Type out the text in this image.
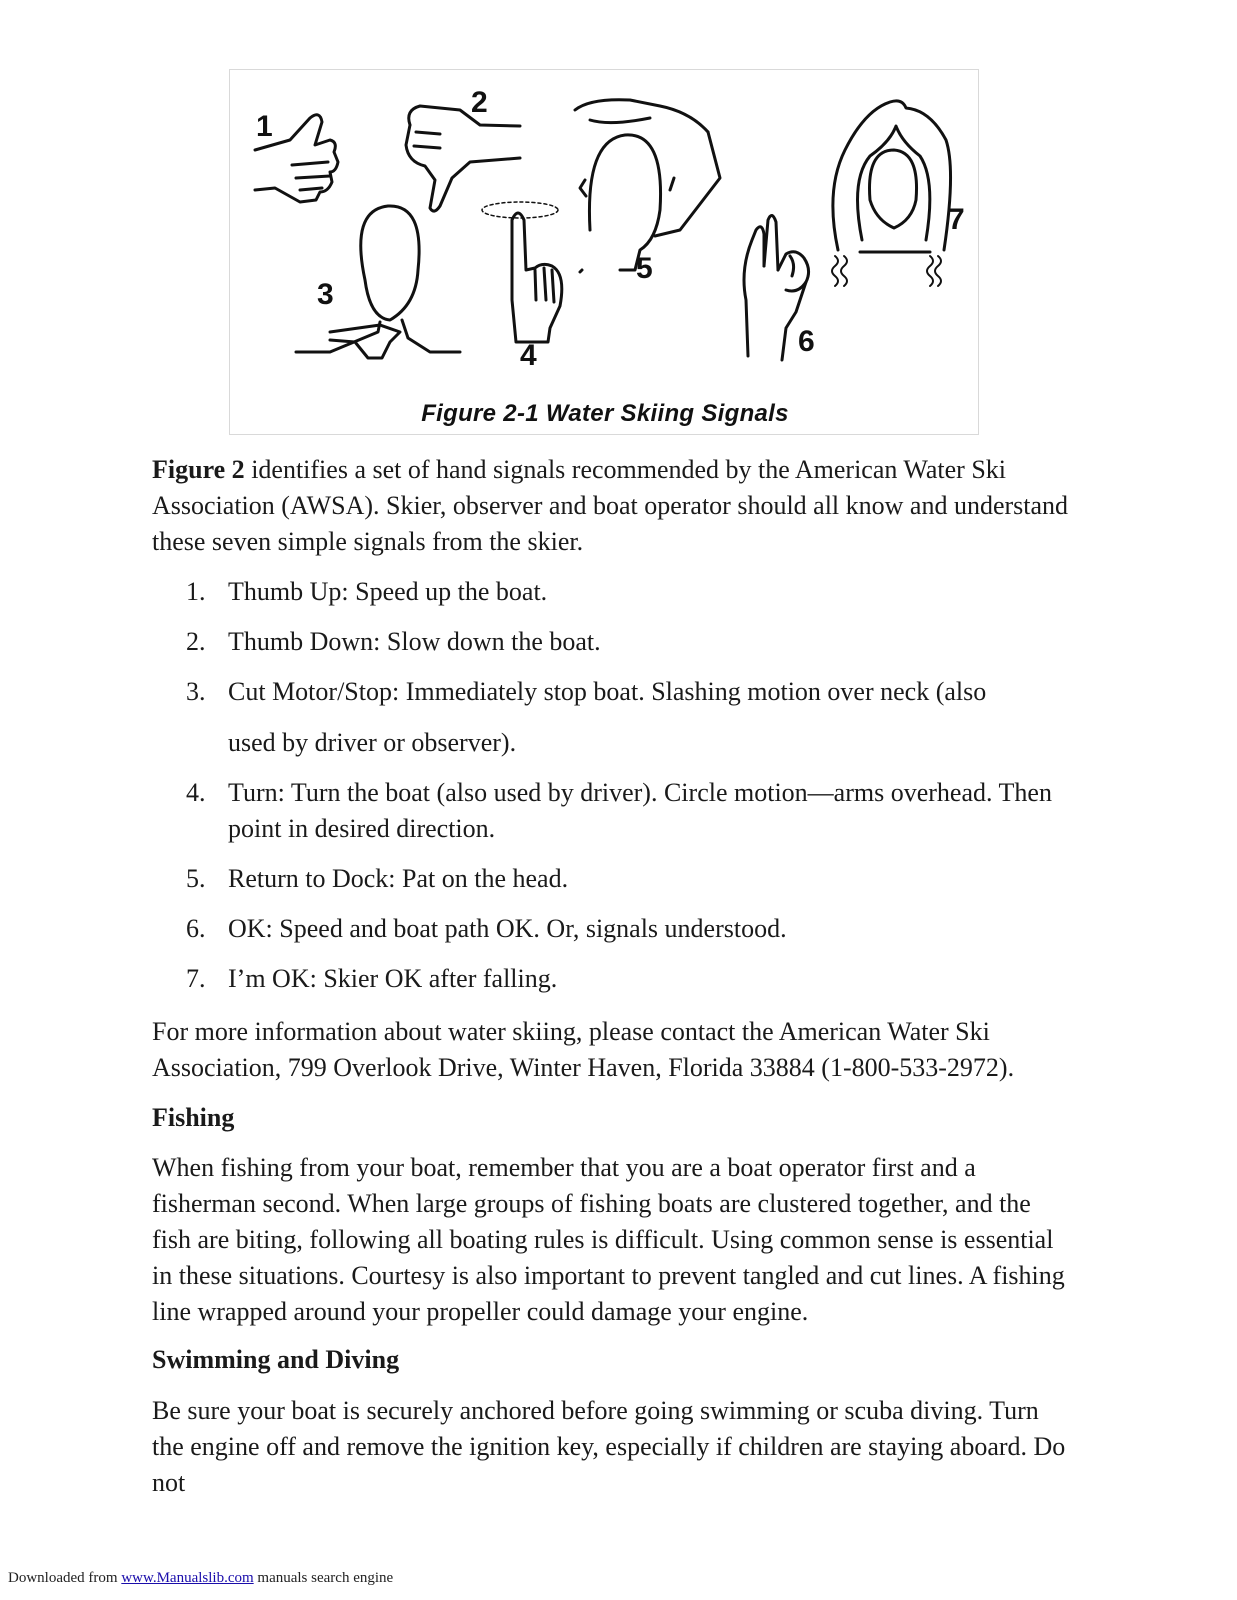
1
2
3
4
5
6
7
Figure 2-1 Water Skiing Signals

Figure 2 identifies a set of hand signals recommended by the American Water Ski Association (AWSA). Skier, observer and boat operator should all know and understand these seven simple signals from the skier.

1. Thumb Up: Speed up the boat.
2. Thumb Down: Slow down the boat.
3. Cut Motor/Stop: Immediately stop boat. Slashing motion over neck (also
used by driver or observer).
4. Turn: Turn the boat (also used by driver). Circle motion—arms overhead. Then point in desired direction.
5. Return to Dock: Pat on the head.
6. OK: Speed and boat path OK. Or, signals understood.
7. I’m OK: Skier OK after falling.

For more information about water skiing, please contact the American Water Ski Association, 799 Overlook Drive, Winter Haven, Florida 33884 (1-800-533-2972).

Fishing

When fishing from your boat, remember that you are a boat operator first and a fisherman second. When large groups of fishing boats are clustered together, and the fish are biting, following all boating rules is difficult. Using common sense is essential in these situations. Courtesy is also important to prevent tangled and cut lines. A fishing line wrapped around your propeller could damage your engine.

Swimming and Diving

Be sure your boat is securely anchored before going swimming or scuba diving. Turn the engine off and remove the ignition key, especially if children are staying aboard. Do not

Downloaded from www.Manualslib.com manuals search engine
